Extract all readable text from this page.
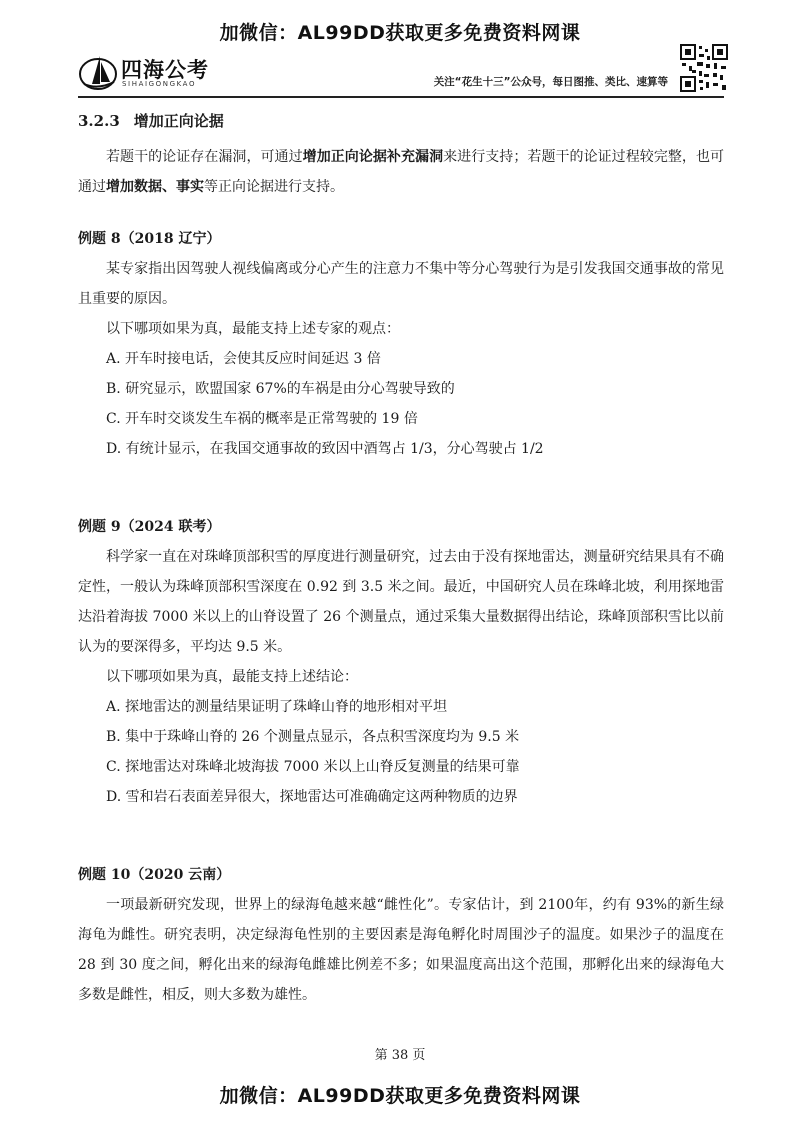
加微信：AL99DD获取更多免费资料网课
四海公考
SIHAIGONGKAO	关注“花生十三”公众号，每日图推、类比、速算等
3.2.3 增加正向论据

若题干的论证存在漏洞，可通过增加正向论据补充漏洞来进行支持；若题干的论证过程较完整，也可通过增加数据、事实等正向论据进行支持。

例题 8（2018 辽宁）

某专家指出因驾驶人视线偏离或分心产生的注意力不集中等分心驾驶行为是引发我国交通事故的常见且重要的原因。

以下哪项如果为真，最能支持上述专家的观点：

A. 开车时接电话，会使其反应时间延迟 3 倍

B. 研究显示，欧盟国家 67%的车祸是由分心驾驶导致的

C. 开车时交谈发生车祸的概率是正常驾驶的 19 倍

D. 有统计显示，在我国交通事故的致因中酒驾占 1/3，分心驾驶占 1/2

例题 9（2024 联考）

科学家一直在对珠峰顶部积雪的厚度进行测量研究，过去由于没有探地雷达，测量研究结果具有不确定性，一般认为珠峰顶部积雪深度在 0.92 到 3.5 米之间。最近，中国研究人员在珠峰北坡，利用探地雷达沿着海拔 7000 米以上的山脊设置了 26 个测量点，通过采集大量数据得出结论，珠峰顶部积雪比以前认为的要深得多，平均达 9.5 米。

以下哪项如果为真，最能支持上述结论：

A. 探地雷达的测量结果证明了珠峰山脊的地形相对平坦

B. 集中于珠峰山脊的 26 个测量点显示，各点积雪深度均为 9.5 米

C. 探地雷达对珠峰北坡海拔 7000 米以上山脊反复测量的结果可靠

D. 雪和岩石表面差异很大，探地雷达可准确确定这两种物质的边界

例题 10（2020 云南）

一项最新研究发现，世界上的绿海龟越来越“雌性化”。专家估计，到 2100年，约有 93%的新生绿海龟为雌性。研究表明，决定绿海龟性别的主要因素是海龟孵化时周围沙子的温度。如果沙子的温度在 28 到 30 度之间，孵化出来的绿海龟雌雄比例差不多；如果温度高出这个范围，那孵化出来的绿海龟大多数是雌性，相反，则大多数为雄性。

第 38 页
加微信：AL99DD获取更多免费资料网课
